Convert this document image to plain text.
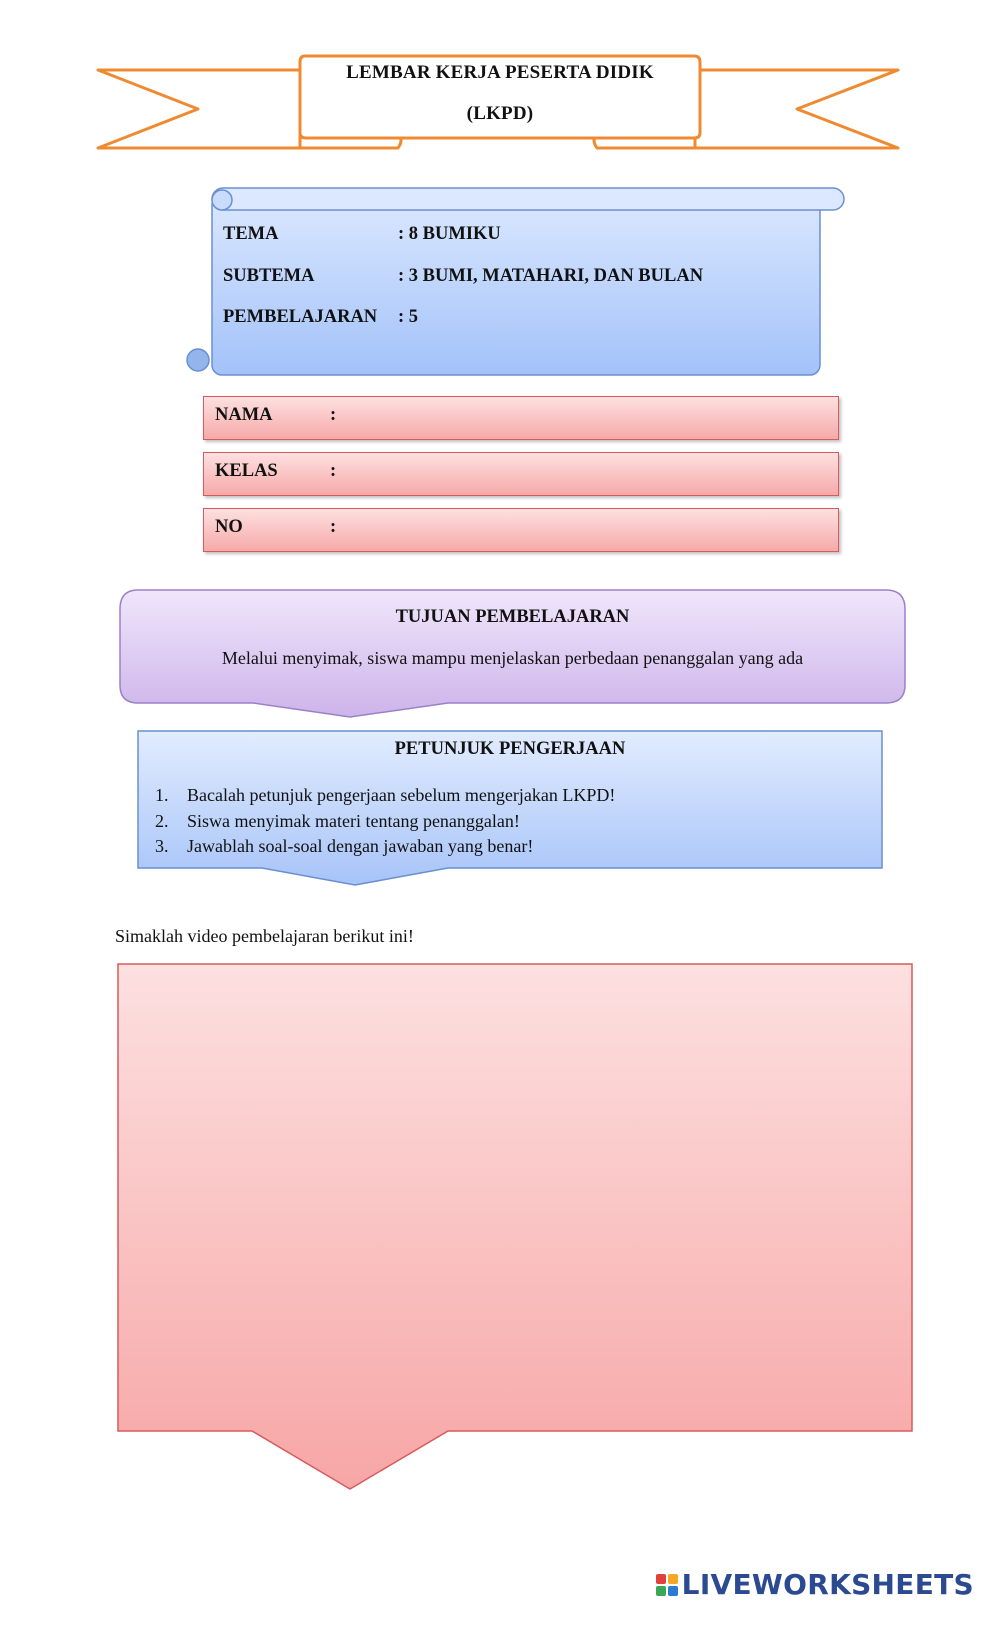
LEMBAR KERJA PESERTA DIDIK
(LKPD)
TEMA	: 8 BUMIKU
SUBTEMA	: 3 BUMI, MATAHARI, DAN BULAN
PEMBELAJARAN : 5
NAMA	:
KELAS	:
NO	:
TUJUAN PEMBELAJARAN
Melalui menyimak, siswa mampu menjelaskan perbedaan penanggalan yang ada
PETUNJUK PENGERJAAN
1.	Bacalah petunjuk pengerjaan sebelum mengerjakan LKPD!
2.	Siswa menyimak materi tentang penanggalan!
3.	Jawablah soal-soal dengan jawaban yang benar!
Simaklah video pembelajaran berikut ini!
LIVEWORKSHEETS
